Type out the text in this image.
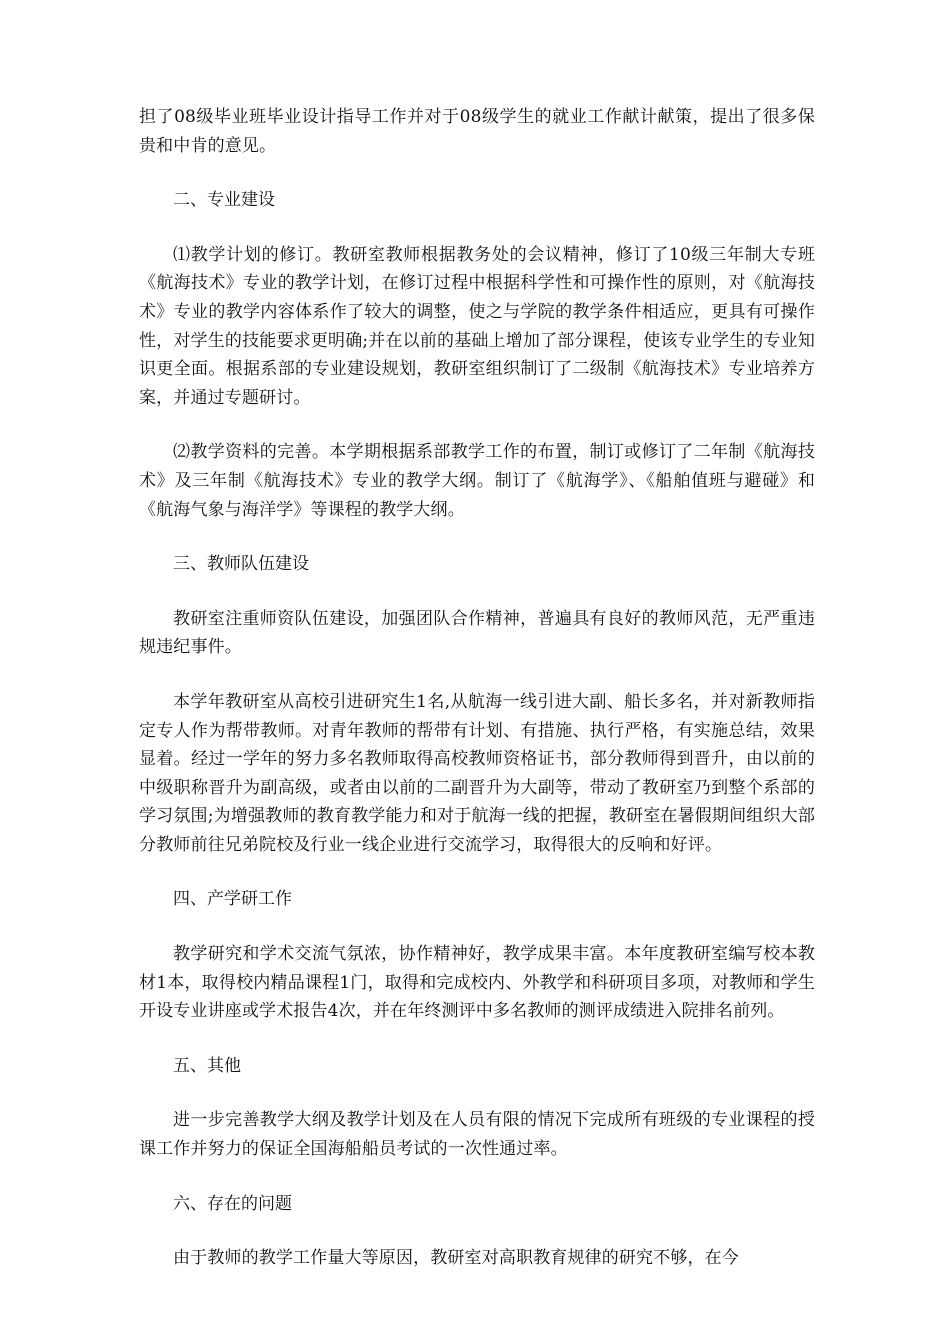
担了08级毕业班毕业设计指导工作并对于08级学生的就业工作献计献策，提出了很多保贵和中肯的意见。

二、专业建设

⑴教学计划的修订。教研室教师根据教务处的会议精神，修订了10级三年制大专班《航海技术》专业的教学计划，在修订过程中根据科学性和可操作性的原则，对《航海技术》专业的教学内容体系作了较大的调整，使之与学院的教学条件相适应，更具有可操作性，对学生的技能要求更明确;并在以前的基础上增加了部分课程，使该专业学生的专业知识更全面。根据系部的专业建设规划，教研室组织制订了二级制《航海技术》专业培养方案，并通过专题研讨。

⑵教学资料的完善。本学期根据系部教学工作的布置，制订或修订了二年制《航海技术》及三年制《航海技术》专业的教学大纲。制订了《航海学》、《船舶值班与避碰》和《航海气象与海洋学》等课程的教学大纲。

三、教师队伍建设

教研室注重师资队伍建设，加强团队合作精神，普遍具有良好的教师风范，无严重违规违纪事件。

本学年教研室从高校引进研究生1名,从航海一线引进大副、船长多名，并对新教师指定专人作为帮带教师。对青年教师的帮带有计划、有措施、执行严格，有实施总结，效果显着。经过一学年的努力多名教师取得高校教师资格证书，部分教师得到晋升，由以前的中级职称晋升为副高级，或者由以前的二副晋升为大副等，带动了教研室乃到整个系部的学习氛围;为增强教师的教育教学能力和对于航海一线的把握，教研室在暑假期间组织大部分教师前往兄弟院校及行业一线企业进行交流学习，取得很大的反响和好评。

四、产学研工作

教学研究和学术交流气氛浓，协作精神好，教学成果丰富。本年度教研室编写校本教材1本，取得校内精品课程1门，取得和完成校内、外教学和科研项目多项，对教师和学生开设专业讲座或学术报告4次，并在年终测评中多名教师的测评成绩进入院排名前列。

五、其他

进一步完善教学大纲及教学计划及在人员有限的情况下完成所有班级的专业课程的授课工作并努力的保证全国海船船员考试的一次性通过率。

六、存在的问题

由于教师的教学工作量大等原因，教研室对高职教育规律的研究不够，在今
